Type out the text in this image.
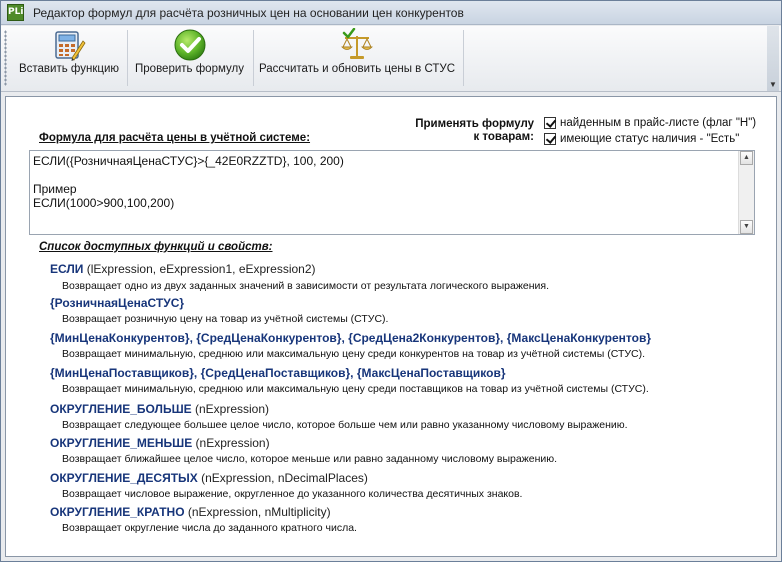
PLi Редактор формул для расчёта розничных цен на основании цен конкурентов
Вставить функцию	Проверить формулу	Рассчитать и обновить цены в СТУС
▼
Применять формулу
к товарам:
найденным в прайс-листе (флаг "Н")
имеющие статус наличия - "Есть"
Формула для расчёта цены в учётной системе:
ЕСЛИ({РозничнаяЦенаСТУС}>{_42E0RZZTD}, 100, 200)

Пример
ЕСЛИ(1000>900,100,200)
▲
▼
Список доступных функций и свойств:
ЕСЛИ (lExpression, eExpression1, eExpression2)
Возвращает одно из двух заданных значений в зависимости от результата логического выражения.
{РозничнаяЦенаСТУС}
Возвращает розничную цену на товар из учётной системы (СТУС).
{МинЦенаКонкурентов}, {СредЦенаКонкурентов}, {СредЦена2Конкурентов}, {МаксЦенаКонкурентов}
Возвращает минимальную, среднюю или максимальную цену среди конкурентов на товар из учётной системы (СТУС).
{МинЦенаПоставщиков}, {СредЦенаПоставщиков}, {МаксЦенаПоставщиков}
Возвращает минимальную, среднюю или максимальную цену среди поставщиков на товар из учётной системы (СТУС).
ОКРУГЛЕНИЕ_БОЛЬШЕ (nExpression)
Возвращает следующее большее целое число, которое больше чем или равно указанному числовому выражению.
ОКРУГЛЕНИЕ_МЕНЬШЕ (nExpression)
Возвращает ближайшее целое число, которое меньше или равно заданному числовому выражению.
ОКРУГЛЕНИЕ_ДЕСЯТЫХ (nExpression, nDecimalPlaces)
Возвращает числовое выражение, округленное до указанного количества десятичных знаков.
ОКРУГЛЕНИЕ_КРАТНО (nExpression, nMultiplicity)
Возвращает округление числа до заданного кратного числа.
